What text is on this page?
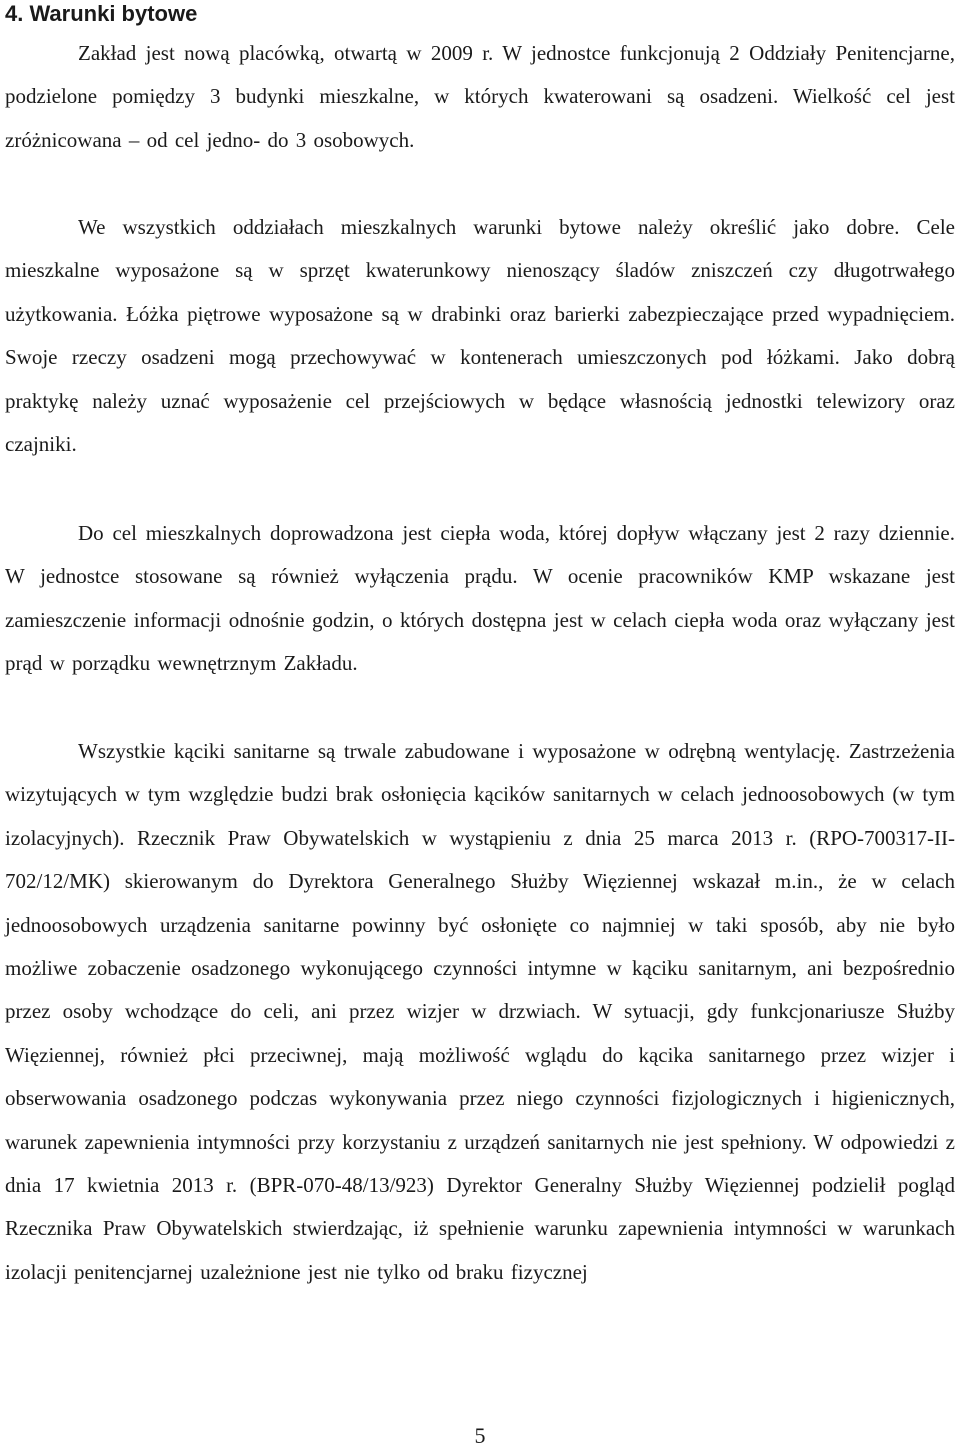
4. Warunki bytowe

Zakład jest nową placówką, otwartą w 2009 r. W jednostce funkcjonują 2 Oddziały Penitencjarne, podzielone pomiędzy 3 budynki mieszkalne, w których kwaterowani są osadzeni. Wielkość cel jest zróżnicowana – od cel jedno- do 3 osobowych.

We wszystkich oddziałach mieszkalnych warunki bytowe należy określić jako dobre. Cele mieszkalne wyposażone są w sprzęt kwaterunkowy nienoszący śladów zniszczeń czy długotrwałego użytkowania. Łóżka piętrowe wyposażone są w drabinki oraz barierki zabezpieczające przed wypadnięciem. Swoje rzeczy osadzeni mogą przechowywać w kontenerach umieszczonych pod łóżkami. Jako dobrą praktykę należy uznać wyposażenie cel przejściowych w będące własnością jednostki telewizory oraz czajniki.

Do cel mieszkalnych doprowadzona jest ciepła woda, której dopływ włączany jest 2 razy dziennie. W jednostce stosowane są również wyłączenia prądu. W ocenie pracowników KMP wskazane jest zamieszczenie informacji odnośnie godzin, o których dostępna jest w celach ciepła woda oraz wyłączany jest prąd w porządku wewnętrznym Zakładu.

Wszystkie kąciki sanitarne są trwale zabudowane i wyposażone w odrębną wentylację. Zastrzeżenia wizytujących w tym względzie budzi brak osłonięcia kącików sanitarnych w celach jednoosobowych (w tym izolacyjnych). Rzecznik Praw Obywatelskich w wystąpieniu z dnia 25 marca 2013 r. (RPO-700317-II-702/12/MK) skierowanym do Dyrektora Generalnego Służby Więziennej wskazał m.in., że w celach jednoosobowych urządzenia sanitarne powinny być osłonięte co najmniej w taki sposób, aby nie było możliwe zobaczenie osadzonego wykonującego czynności intymne w kąciku sanitarnym, ani bezpośrednio przez osoby wchodzące do celi, ani przez wizjer w drzwiach. W sytuacji, gdy funkcjonariusze Służby Więziennej, również płci przeciwnej, mają możliwość wglądu do kącika sanitarnego przez wizjer i obserwowania osadzonego podczas wykonywania przez niego czynności fizjologicznych i higienicznych, warunek zapewnienia intymności przy korzystaniu z urządzeń sanitarnych nie jest spełniony. W odpowiedzi z dnia 17 kwietnia 2013 r. (BPR-070-48/13/923) Dyrektor Generalny Służby Więziennej podzielił pogląd Rzecznika Praw Obywatelskich stwierdzając, iż spełnienie warunku zapewnienia intymności w warunkach izolacji penitencjarnej uzależnione jest nie tylko od braku fizycznej

5
